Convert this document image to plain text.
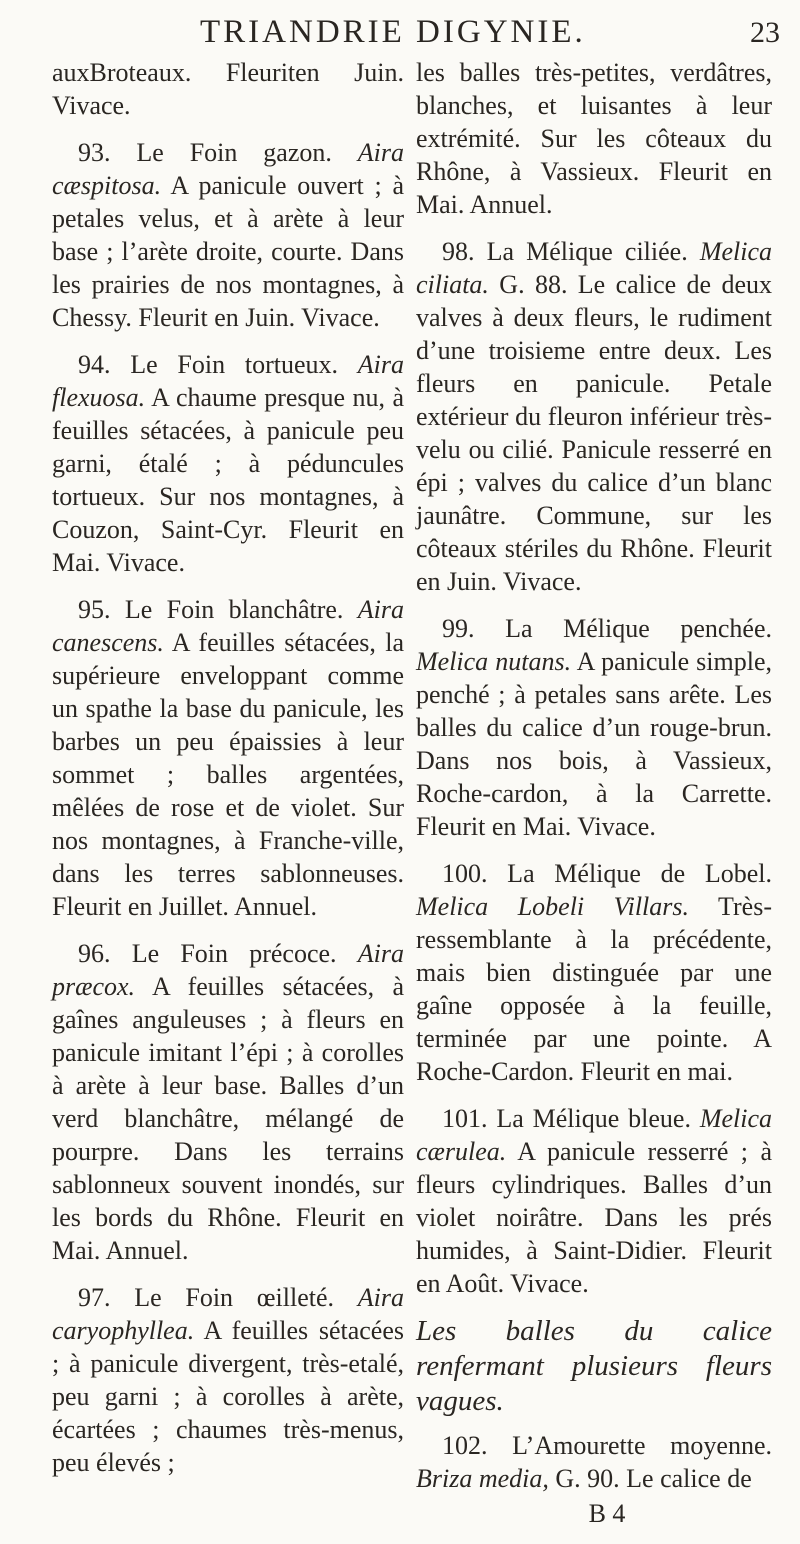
TRIANDRIE DIGYNIE.	23

auxBroteaux. Fleuriten Juin. Vivace.

93. Le Foin gazon. Aira cæspitosa. A panicule ouvert ; à petales velus, et à arète à leur base ; l’arète droite, courte. Dans les prairies de nos montagnes, à Chessy. Fleurit en Juin. Vivace.

94. Le Foin tortueux. Aira flexuosa. A chaume presque nu, à feuilles sétacées, à panicule peu garni, étalé ; à péduncules tortueux. Sur nos montagnes, à Couzon, Saint-Cyr. Fleurit en Mai. Vivace.

95. Le Foin blanchâtre. Aira canescens. A feuilles sétacées, la supérieure enveloppant comme un spathe la base du panicule, les barbes un peu épaissies à leur sommet ; balles argentées, mêlées de rose et de violet. Sur nos montagnes, à Franche-ville, dans les terres sablonneuses. Fleurit en Juillet. Annuel.

96. Le Foin précoce. Aira præcox. A feuilles sétacées, à gaînes anguleuses ; à fleurs en panicule imitant l’épi ; à corolles à arète à leur base. Balles d’un verd blanchâtre, mélangé de pourpre. Dans les terrains sablonneux souvent inondés, sur les bords du Rhône. Fleurit en Mai. Annuel.

97. Le Foin œilleté. Aira caryophyllea. A feuilles sétacées ; à panicule divergent, très-etalé, peu garni ; à corolles à arète, écartées ; chaumes très-menus, peu élevés ;

les balles très-petites, verdâtres, blanches, et luisantes à leur extrémité. Sur les côteaux du Rhône, à Vassieux. Fleurit en Mai. Annuel.

98. La Mélique ciliée. Melica ciliata. G. 88. Le calice de deux valves à deux fleurs, le rudiment d’une troisieme entre deux. Les fleurs en panicule. Petale extérieur du fleuron inférieur très-velu ou cilié. Panicule resserré en épi ; valves du calice d’un blanc jaunâtre. Commune, sur les côteaux stériles du Rhône. Fleurit en Juin. Vivace.

99. La Mélique penchée. Melica nutans. A panicule simple, penché ; à petales sans arête. Les balles du calice d’un rouge-brun. Dans nos bois, à Vassieux, Roche-cardon, à la Carrette. Fleurit en Mai. Vivace.

100. La Mélique de Lobel. Melica Lobeli Villars. Très-ressemblante à la précédente, mais bien distinguée par une gaîne opposée à la feuille, terminée par une pointe. A Roche-Cardon. Fleurit en mai.

101. La Mélique bleue. Melica cærulea. A panicule resserré ; à fleurs cylindriques. Balles d’un violet noirâtre. Dans les prés humides, à Saint-Didier. Fleurit en Août. Vivace.

Les balles du calice renfermant plusieurs fleurs vagues.

102. L’Amourette moyenne. Briza media, G. 90. Le calice de

B 4
